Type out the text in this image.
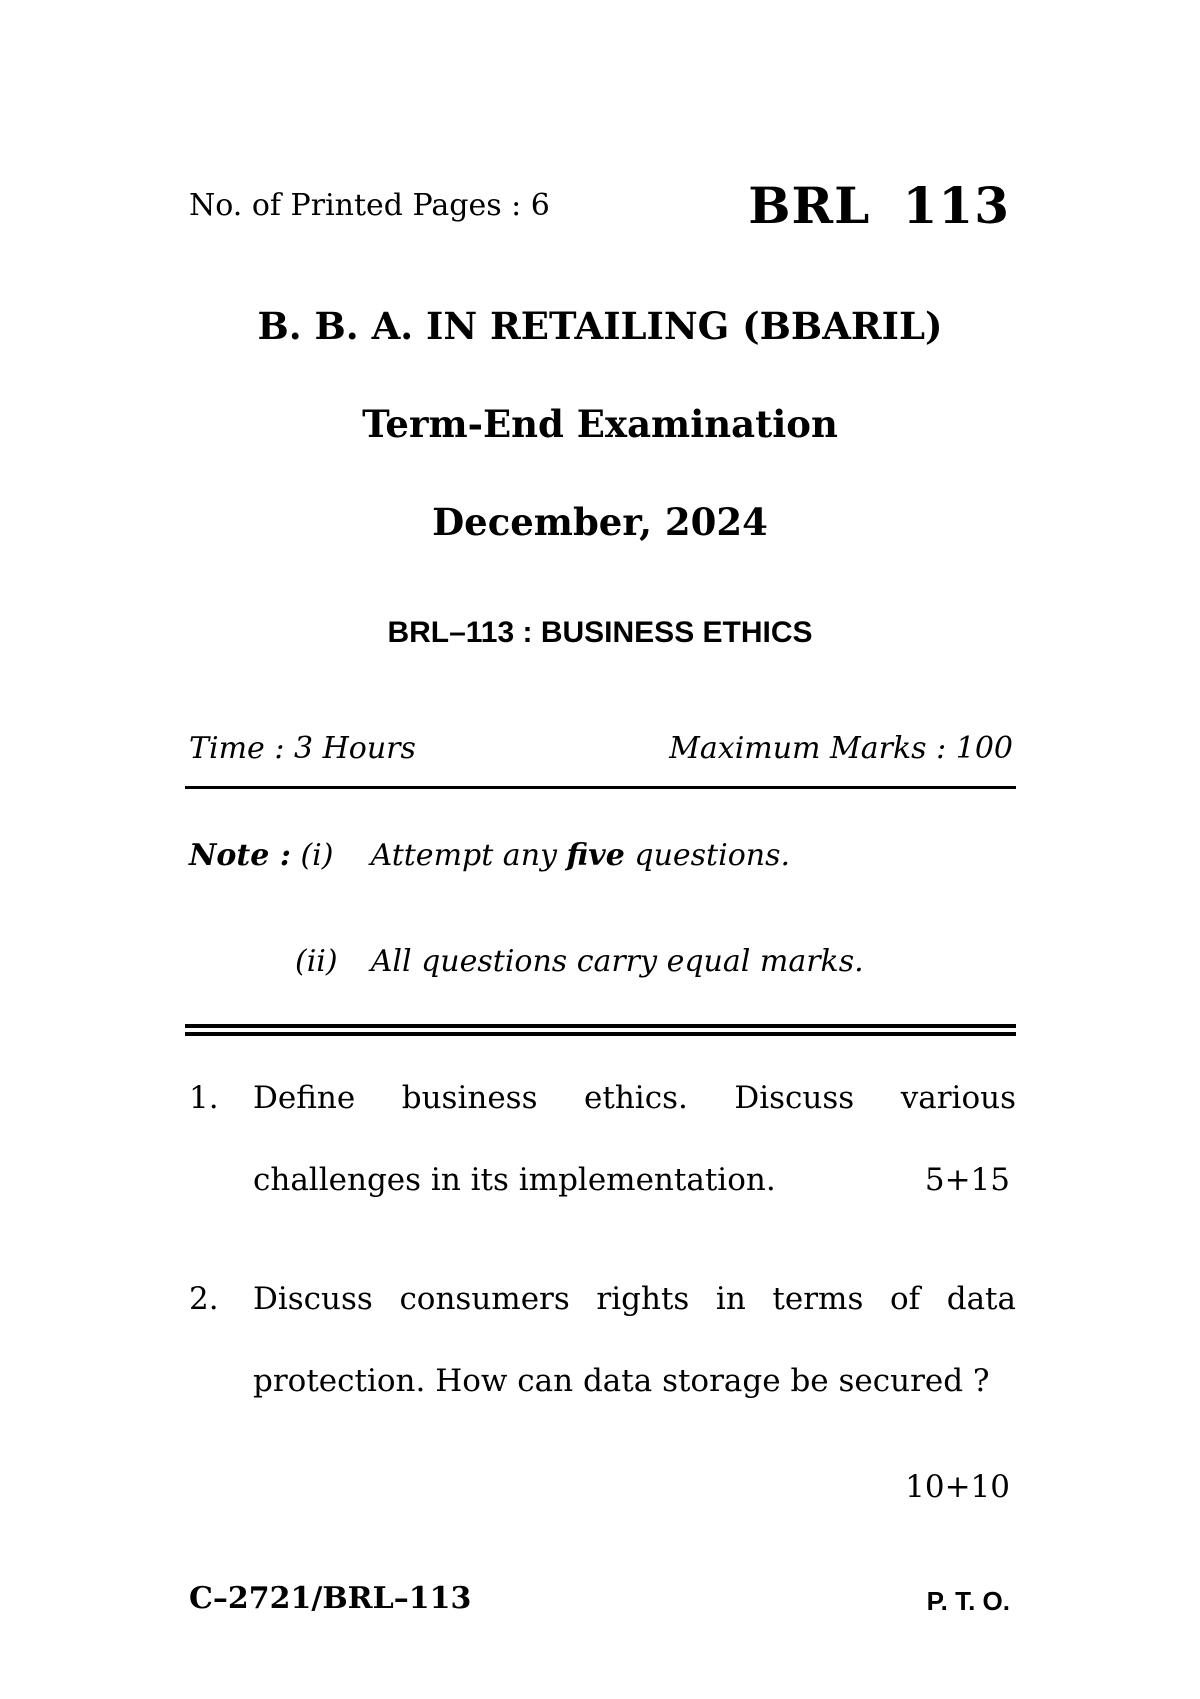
No. of Printed Pages : 6	BRL 113
B. B. A. IN RETAILING (BBARIL)
Term-End Examination
December, 2024
BRL–113 : BUSINESS ETHICS
Time : 3 Hours	Maximum Marks : 100
Note : (i) Attempt any five questions.
(ii) All questions carry equal marks.
1. Define business ethics. Discuss various
challenges in its implementation.	5+15
2. Discuss consumers rights in terms of data
protection. How can data storage be secured ?
10+10
C–2721/BRL–113	P. T. O.
